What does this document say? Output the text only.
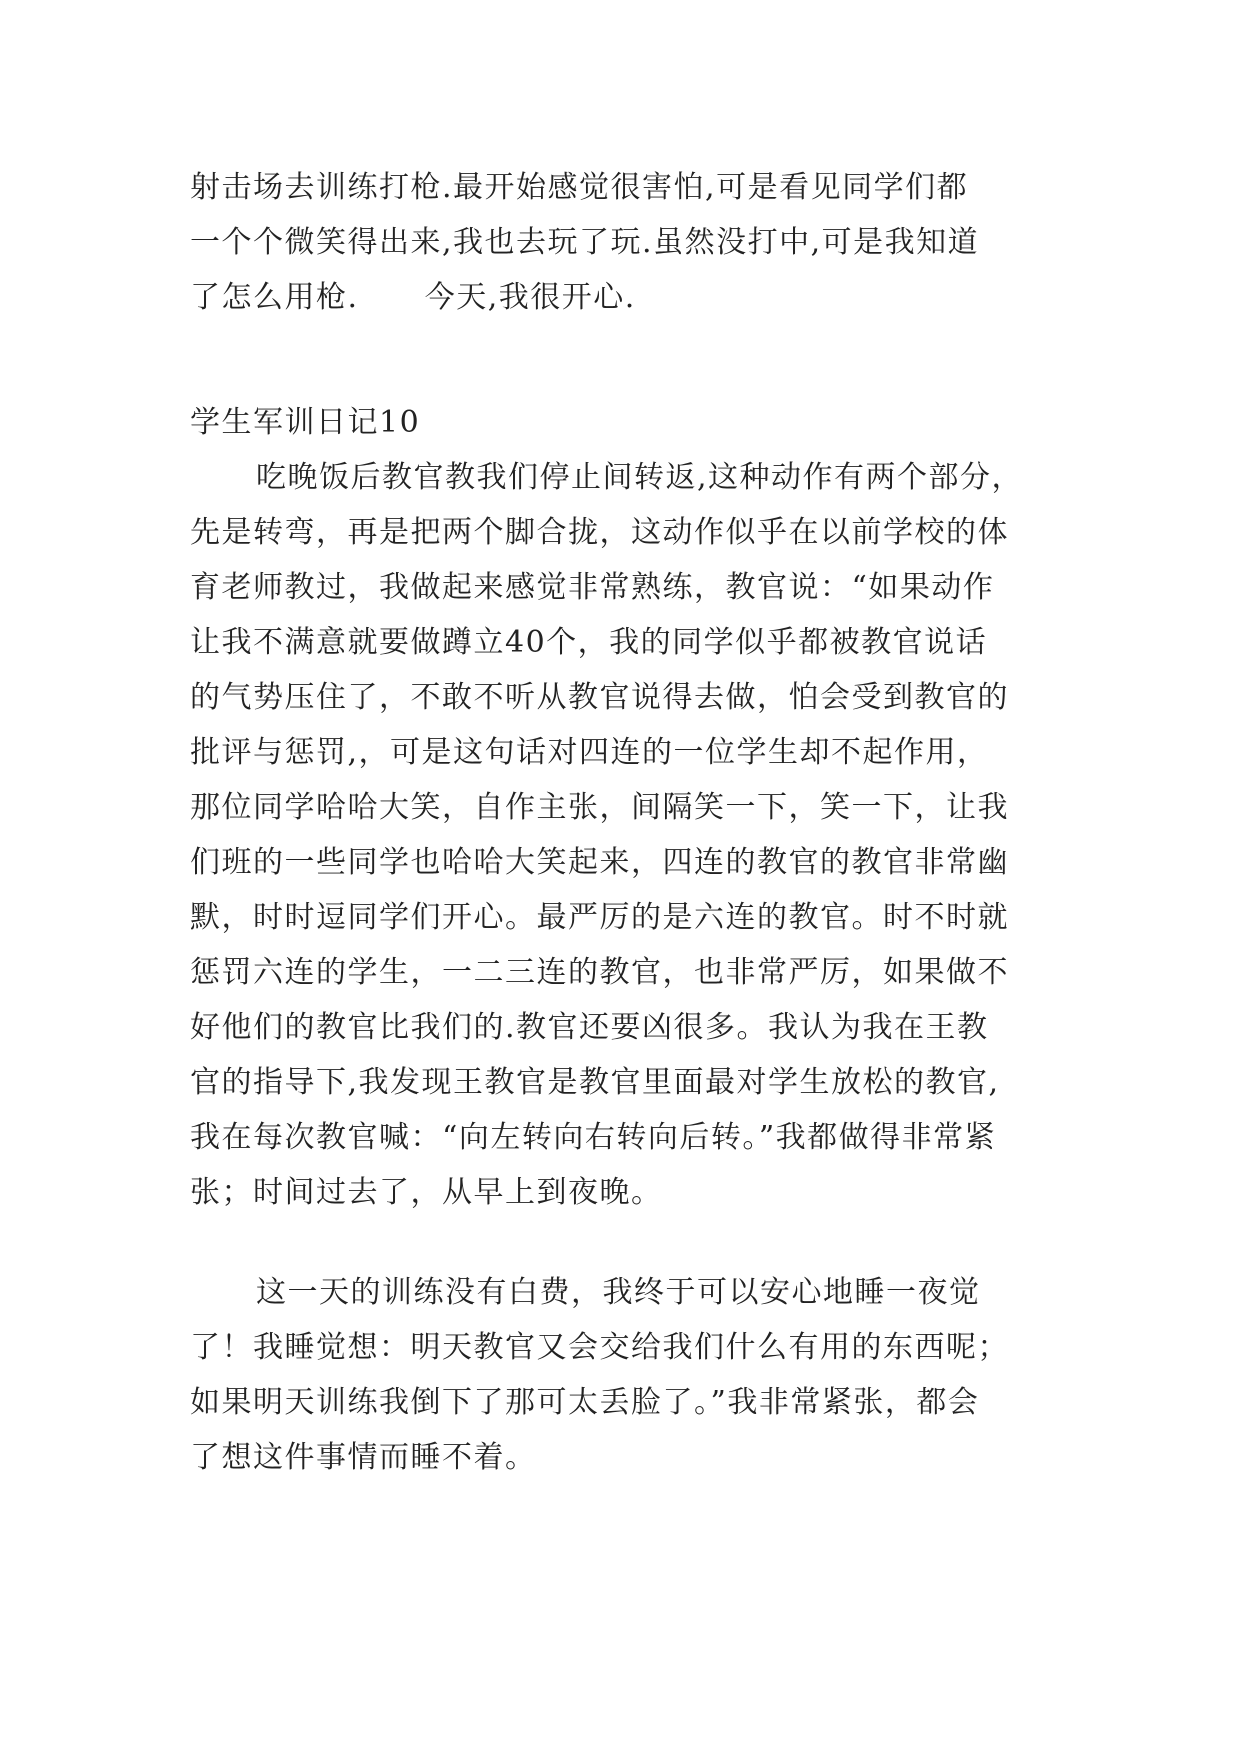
射击场去训练打枪.最开始感觉很害怕,可是看见同学们都
一个个微笑得出来,我也去玩了玩.虽然没打中,可是我知道
了怎么用枪.      今天,我很开心.
学生军训日记10
吃晚饭后教官教我们停止间转返,这种动作有两个部分，
先是转弯，再是把两个脚合拢，这动作似乎在以前学校的体
育老师教过，我做起来感觉非常熟练，教官说：“如果动作
让我不满意就要做蹲立40个，我的同学似乎都被教官说话
的气势压住了，不敢不听从教官说得去做，怕会受到教官的
批评与惩罚,，可是这句话对四连的一位学生却不起作用，
那位同学哈哈大笑，自作主张，间隔笑一下，笑一下，让我
们班的一些同学也哈哈大笑起来，四连的教官的教官非常幽
默，时时逗同学们开心。最严厉的是六连的教官。时不时就
惩罚六连的学生，一二三连的教官，也非常严厉，如果做不
好他们的教官比我们的.教官还要凶很多。我认为我在王教
官的指导下,我发现王教官是教官里面最对学生放松的教官,
我在每次教官喊：“向左转向右转向后转。”我都做得非常紧
张；时间过去了，从早上到夜晚。
这一天的训练没有白费，我终于可以安心地睡一夜觉
了！我睡觉想：明天教官又会交给我们什么有用的东西呢；
如果明天训练我倒下了那可太丢脸了。”我非常紧张，都会
了想这件事情而睡不着。
